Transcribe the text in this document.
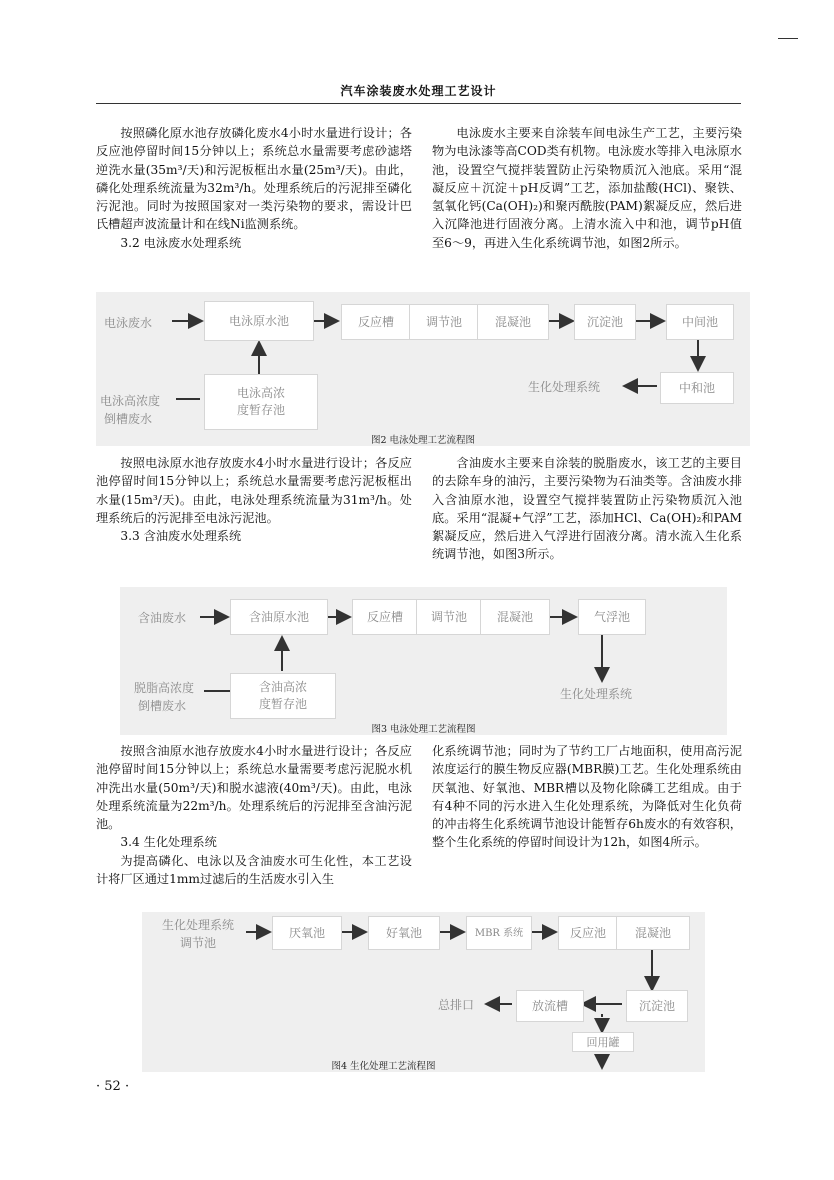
汽车涂装废水处理工艺设计

按照磷化原水池存放磷化废水4小时水量进行设计；各反应池停留时间15分钟以上；系统总水量需要考虑砂滤塔逆洗水量(35m³/天)和污泥板框出水量(25m³/天)。由此，磷化处理系统流量为32m³/h。处理系统后的污泥排至磷化污泥池。同时为按照国家对一类污染物的要求，需设计巴氏槽超声波流量计和在线Ni监测系统。

3.2 电泳废水处理系统

电泳废水主要来自涂装车间电泳生产工艺，主要污染物为电泳漆等高COD类有机物。电泳废水等排入电泳原水池，设置空气搅拌装置防止污染物质沉入池底。采用“混凝反应＋沉淀＋pH反调”工艺，添加盐酸(HCl)、聚铁、氢氧化钙(Ca(OH)₂)和聚丙酰胺(PAM)絮凝反应，然后进入沉降池进行固液分离。上清水流入中和池，调节pH值至6～9，再进入生化系统调节池，如图2所示。

电泳废水
电泳高浓度
倒槽废水
电泳原水池	反应槽	调节池	混凝池	沉淀池	中间池
中和池
生化处理系统
电泳高浓
度暂存池
图2 电泳处理工艺流程图

按照电泳原水池存放废水4小时水量进行设计；各反应池停留时间15分钟以上；系统总水量需要考虑污泥板框出水量(15m³/天)。由此，电泳处理系统流量为31m³/h。处理系统后的污泥排至电泳污泥池。

3.3 含油废水处理系统

含油废水主要来自涂装的脱脂废水，该工艺的主要目的去除车身的油污，主要污染物为石油类等。含油废水排入含油原水池，设置空气搅拌装置防止污染物质沉入池底。采用“混凝+气浮”工艺，添加HCl、Ca(OH)₂和PAM絮凝反应，然后进入气浮进行固液分离。清水流入生化系统调节池，如图3所示。

含油废水
脱脂高浓度
倒槽废水
含油原水池	反应槽	调节池	混凝池	气浮池
生化处理系统
含油高浓
度暂存池
图3 电泳处理工艺流程图

按照含油原水池存放废水4小时水量进行设计；各反应池停留时间15分钟以上；系统总水量需要考虑污泥脱水机冲洗出水量(50m³/天)和脱水滤液(40m³/天)。由此，电泳处理系统流量为22m³/h。处理系统后的污泥排至含油污泥池。

3.4 生化处理系统

为提高磷化、电泳以及含油废水可生化性，本工艺设计将厂区通过1mm过滤后的生活废水引入生

化系统调节池；同时为了节约工厂占地面积，使用高污泥浓度运行的膜生物反应器(MBR膜)工艺。生化处理系统由厌氧池、好氧池、MBR槽以及物化除磷工艺组成。由于有4种不同的污水进入生化处理系统，为降低对生化负荷的冲击将生化系统调节池设计能暂存6h废水的有效容积，整个生化系统的停留时间设计为12h，如图4所示。

生化处理系统
调节池
厌氧池	好氧池	MBR 系统	反应池	混凝池
沉淀池
放流槽
总排口
回用罐
图4 生化处理工艺流程图
· 52 ·
